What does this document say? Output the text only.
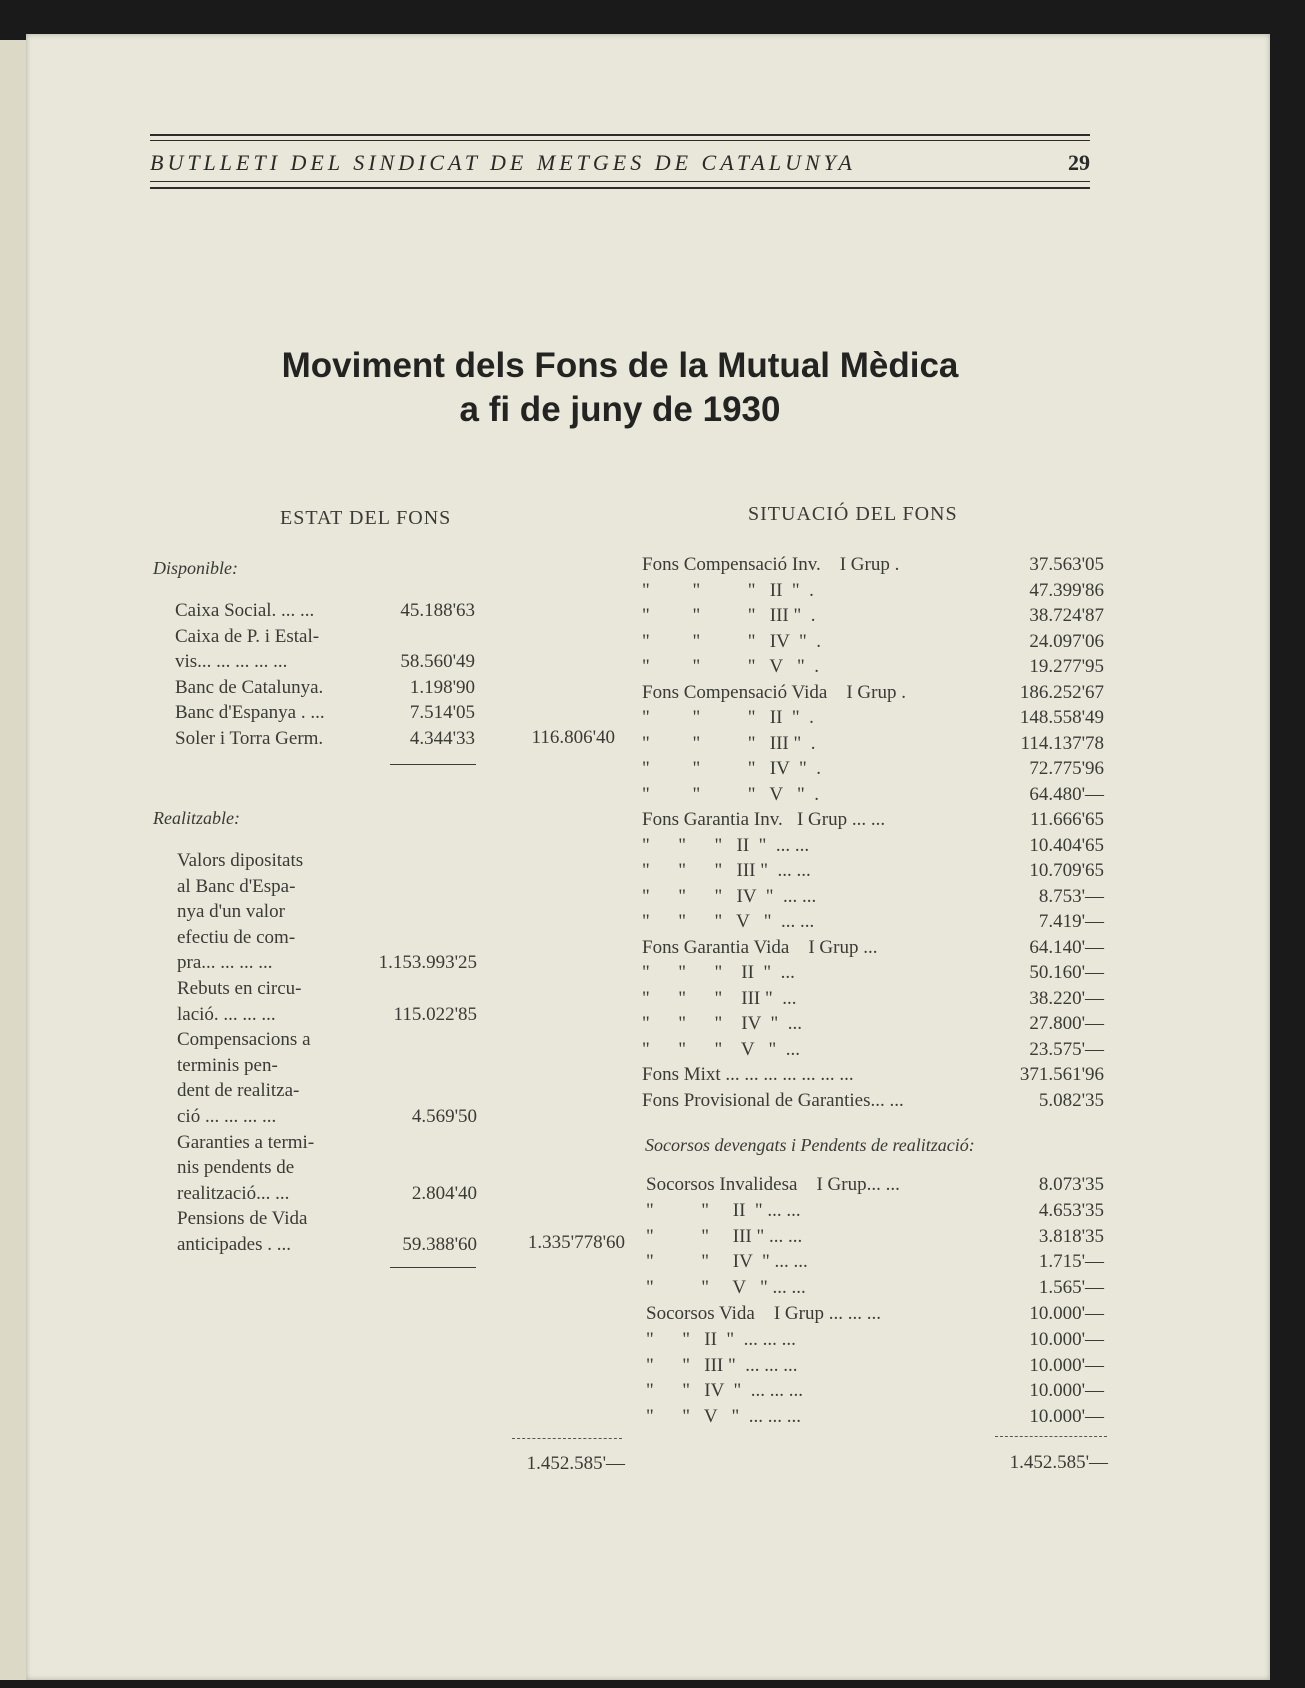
BUTLLETI DEL SINDICAT DE METGES DE CATALUNYA	29
Moviment dels Fons de la Mutual Mèdica
a fi de juny de 1930
ESTAT DEL FONS	SITUACIÓ DEL FONS
Disponible:
Caixa Social. ... ...	45.188'63
Caixa de P. i Estal-
vis... ... ... ... ...	58.560'49
Banc de Catalunya.	1.198'90
Banc d'Espanya . ...	7.514'05
Soler i Torra Germ.	4.344'33	116.806'40
Realitzable:
Valors dipositats
al Banc d'Espa-
nya d'un valor
efectiu de com-
pra... ... ... ...	1.153.993'25
Rebuts en circu-
lació. ... ... ...	115.022'85
Compensacions a
terminis pen-
dent de realitza-
ció ... ... ... ...	4.569'50
Garanties a termi-
nis pendents de
realització... ...	2.804'40
Pensions de Vida
anticipades . ...	59.388'60	1.335'778'60
1.452.585'—
Fons Compensació Inv.    I Grup .	37.563'05
"         "          "   II  "  .	47.399'86
"         "          "   III "  .	38.724'87
"         "          "   IV  "  .	24.097'06
"         "          "   V   "  .	19.277'95
Fons Compensació Vida    I Grup .	186.252'67
"         "          "   II  "  .	148.558'49
"         "          "   III "  .	114.137'78
"         "          "   IV  "  .	72.775'96
"         "          "   V   "  .	64.480'—
Fons Garantia Inv.   I Grup ... ...	11.666'65
"      "      "   II  "  ... ...	10.404'65
"      "      "   III "  ... ...	10.709'65
"      "      "   IV  "  ... ...	8.753'—
"      "      "   V   "  ... ...	7.419'—
Fons Garantia Vida    I Grup ...	64.140'—
"      "      "    II  "  ...	50.160'—
"      "      "    III "  ...	38.220'—
"      "      "    IV  "  ...	27.800'—
"      "      "    V   "  ...	23.575'—
Fons Mixt ... ... ... ... ... ... ...	371.561'96
Fons Provisional de Garanties... ...	5.082'35
Socorsos devengats i Pendents de realització:
Socorsos Invalidesa    I Grup... ...	8.073'35
"          "     II  " ... ...	4.653'35
"          "     III " ... ...	3.818'35
"          "     IV  " ... ...	1.715'—
"          "     V   " ... ...	1.565'—
Socorsos Vida    I Grup ... ... ...	10.000'—
"      "   II  "  ... ... ...	10.000'—
"      "   III "  ... ... ...	10.000'—
"      "   IV  "  ... ... ...	10.000'—
"      "   V   "  ... ... ...	10.000'—
1.452.585'—
